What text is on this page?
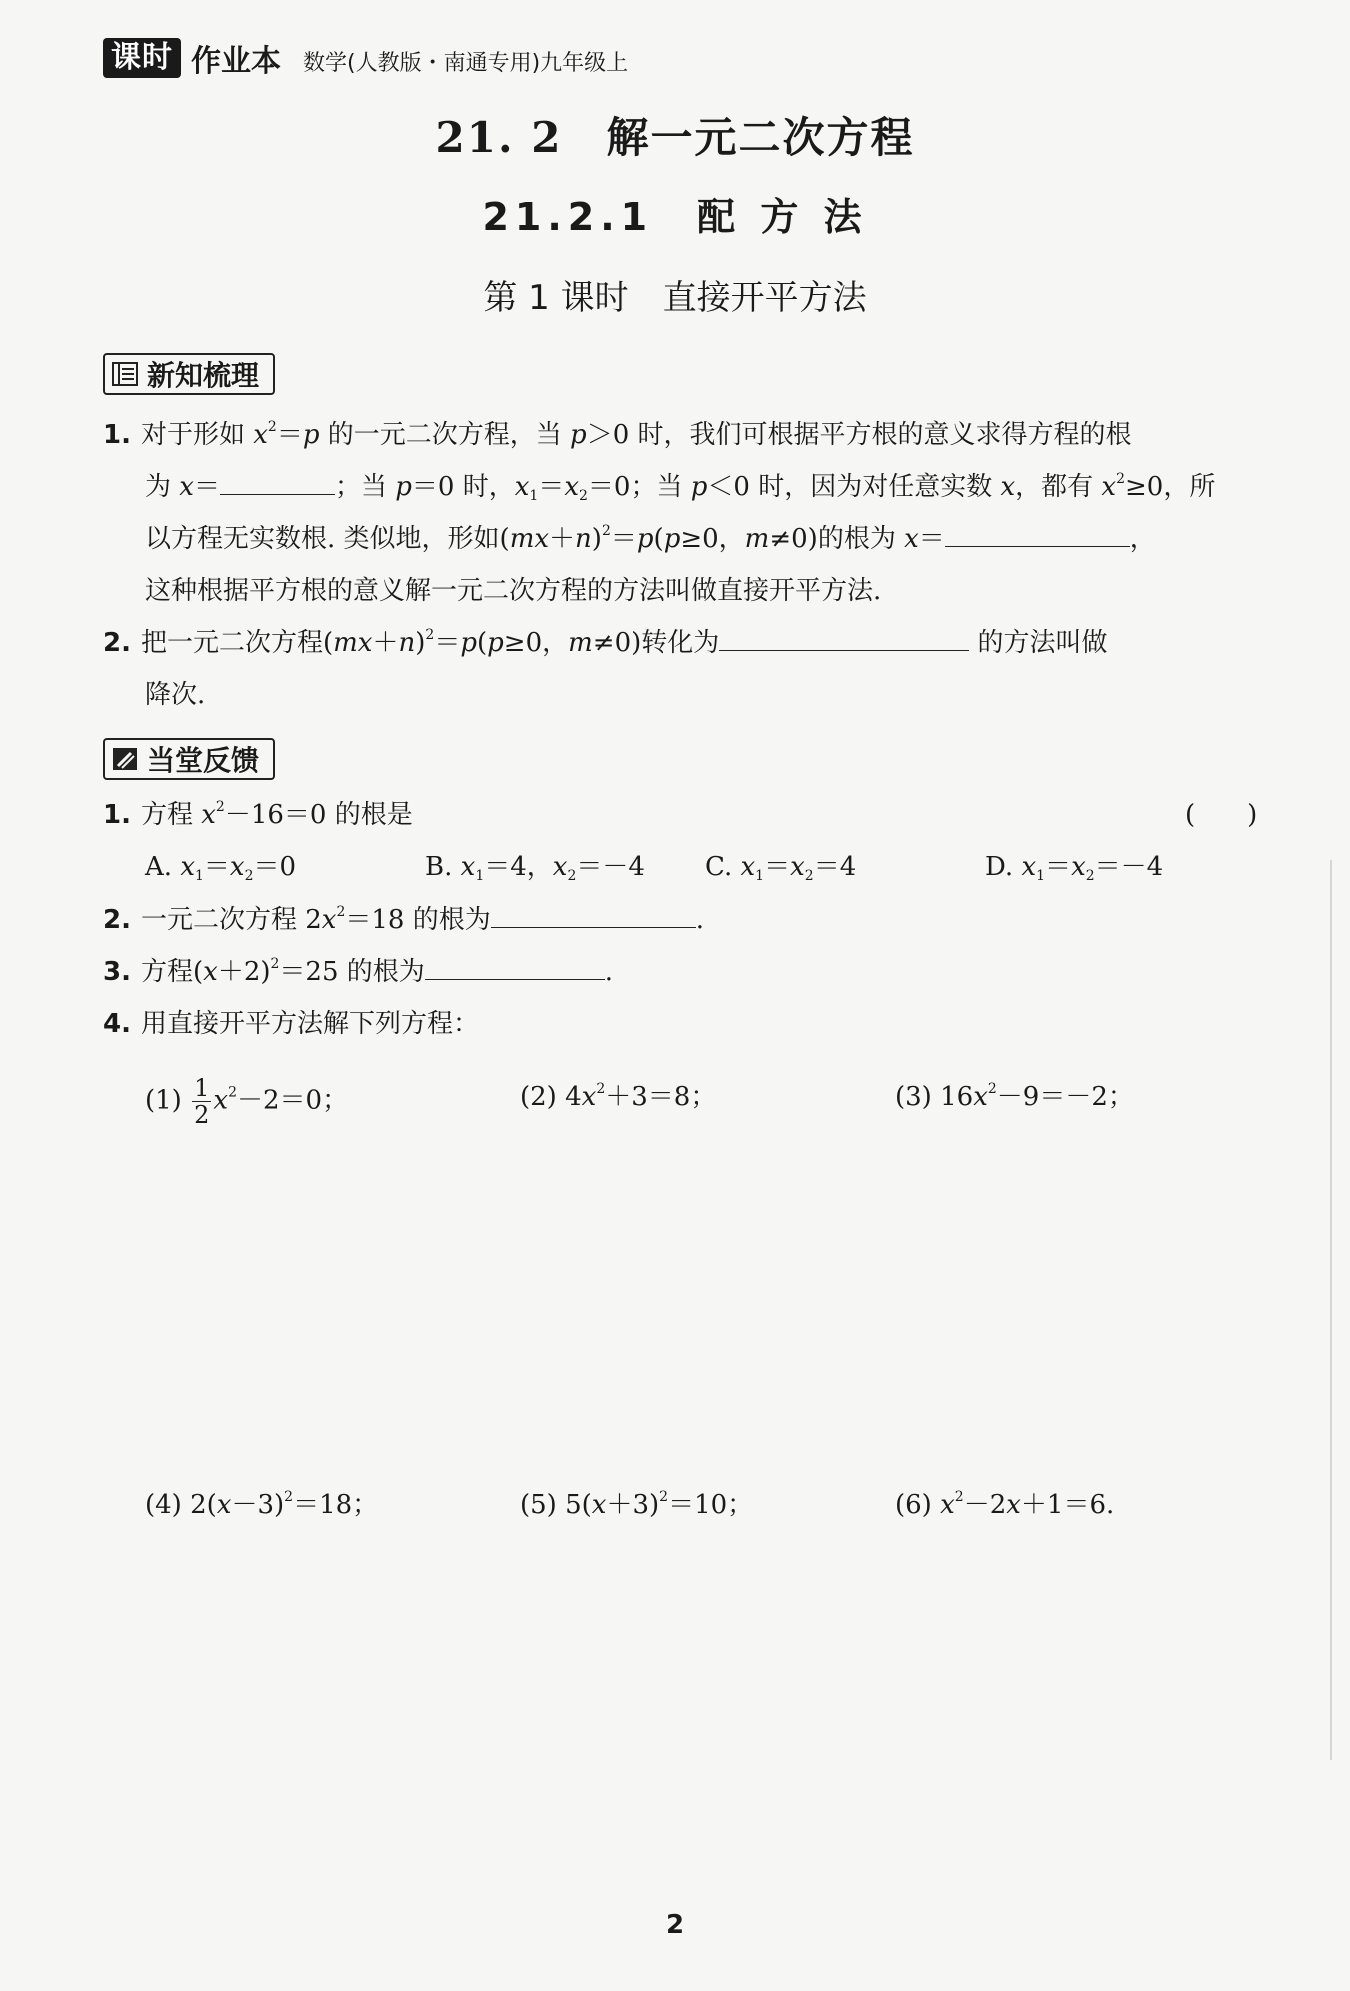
课时 作业本 数学(人教版・南通专用)九年级上
21. 2　解一元二次方程
21.2.1　配 方 法
第 1 课时　直接开平方法
新知梳理
1. 对于形如 $x^2=p$ 的一元二次方程，当 p＞0 时，我们可根据平方根的意义求得方程的根
为 x＝	；当 p＝0 时，$x_1=x_2=0$；当 p＜0 时，因为对任意实数 x，都有 $x^2\ge 0$，所
以方程无实数根. 类似地，形如$(mx+n)^2=p(p\ge 0$，m≠0)的根为 x＝	，
这种根据平方根的意义解一元二次方程的方法叫做直接开平方法.
2. 把一元二次方程$(mx+n)^2=p(p\ge 0$，m≠0)转化为	的方法叫做
降次.
当堂反馈
1. 方程 $x^2-16=0$ 的根是	(　　)
A. $x_1=x_2=0$	B. $x_1=4$，$x_2=-4$ C. $x_1=x_2=4$	D. $x_1=x_2=-4$
2. 一元二次方程 $2x^2=18$ 的根为	.
3. 方程$(x+2)^2=25$ 的根为	.
4. 用直接开平方法解下列方程：
$(1) \frac{1}{2} x^2-2=0$；	(2) $4x^2+3=8$；	(3) $16x^2-9=-2$；
(4) $2(x-3)^2=18$；	(5) $5(x+3)^2=10$；	(6) $x^2-2x+1=6$.
2
